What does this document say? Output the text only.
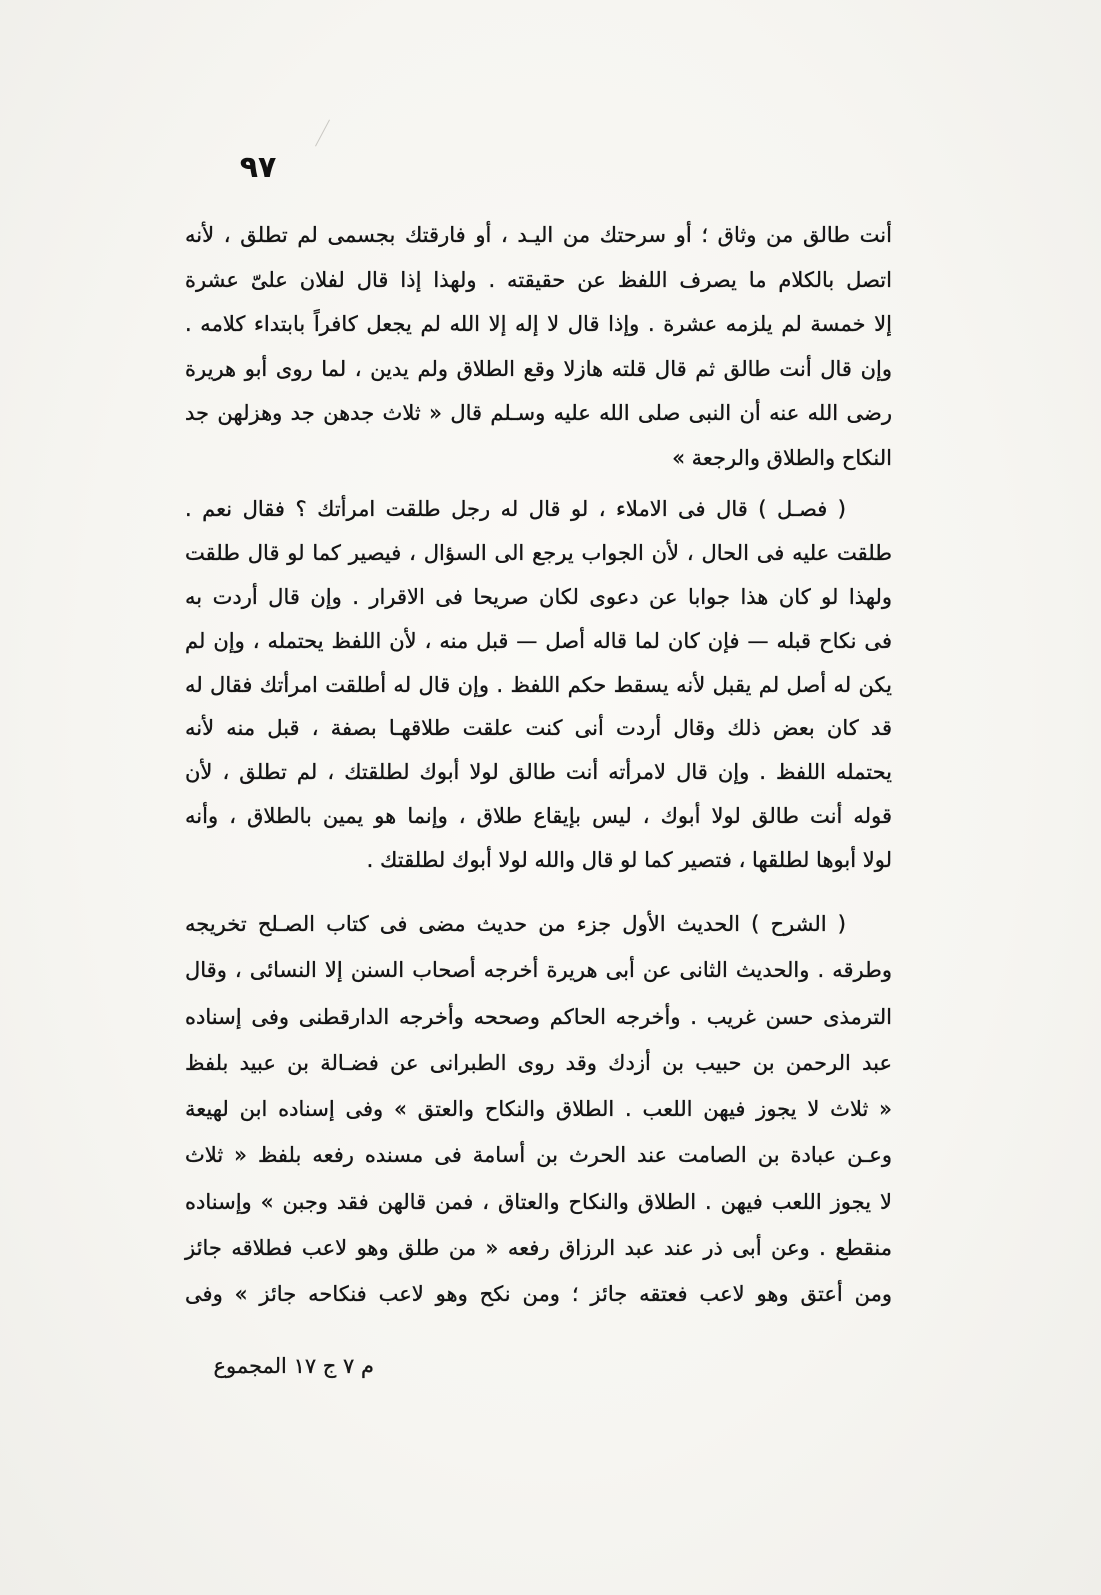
٩٧
أنت طالق من وثاق ؛ أو سرحتك من اليـد ، أو فارقتك بجسمى لم تطلق ، لأنه
اتصل بالكلام ما يصرف اللفظ عن حقيقته . ولهذا إذا قال لفلان علىّ عشرة
إلا خمسة لم يلزمه عشرة . وإذا قال لا إله إلا الله لم يجعل كافراً بابتداء كلامه .
وإن قال أنت طالق ثم قال قلته هازلا وقع الطلاق ولم يدين ، لما روى أبو هريرة
رضى الله عنه أن النبى صلى الله عليه وسـلم قال « ثلاث جدهن جد وهزلهن جد
النكاح والطلاق والرجعة »
( فصـل ) قال فى الاملاء ، لو قال له رجل طلقت امرأتك ؟ فقال نعم .
طلقت عليه فى الحال ، لأن الجواب يرجع الى السؤال ، فيصير كما لو قال طلقت
ولهذا لو كان هذا جوابا عن دعوى لكان صريحا فى الاقرار . وإن قال أردت به
فى نكاح قبله — فإن كان لما قاله أصل — قبل منه ، لأن اللفظ يحتمله ، وإن لم
يكن له أصل لم يقبل لأنه يسقط حكم اللفظ . وإن قال له أطلقت امرأتك فقال له
قد كان بعض ذلك وقال أردت أنى كنت علقت طلاقهـا بصفة ، قبل منه لأنه
يحتمله اللفظ . وإن قال لامرأته أنت طالق لولا أبوك لطلقتك ، لم تطلق ، لأن
قوله أنت طالق لولا أبوك ، ليس بإيقاع طلاق ، وإنما هو يمين بالطلاق ، وأنه
لولا أبوها لطلقها ، فتصير كما لو قال والله لولا أبوك لطلقتك .
( الشرح ) الحديث الأول جزء من حديث مضى فى كتاب الصـلح تخريجه
وطرقه . والحديث الثانى عن أبى هريرة أخرجه أصحاب السنن إلا النسائى ، وقال
الترمذى حسن غريب . وأخرجه الحاكم وصححه وأخرجه الدارقطنى وفى إسناده
عبد الرحمن بن حبيب بن أزدك وقد روى الطبرانى عن فضـالة بن عبيد بلفظ
« ثلاث لا يجوز فيهن اللعب . الطلاق والنكاح والعتق » وفى إسناده ابن لهيعة
وعـن عبادة بن الصامت عند الحرث بن أسامة فى مسنده رفعه بلفظ « ثلاث
لا يجوز اللعب فيهن . الطلاق والنكاح والعتاق ، فمن قالهن فقد وجبن » وإسناده
منقطع . وعن أبى ذر عند عبد الرزاق رفعه « من طلق وهو لاعب فطلاقه جائز
ومن أعتق وهو لاعب فعتقه جائز ؛ ومن نكح وهو لاعب فنكاحه جائز » وفى
م ٧ ج ١٧ المجموع
